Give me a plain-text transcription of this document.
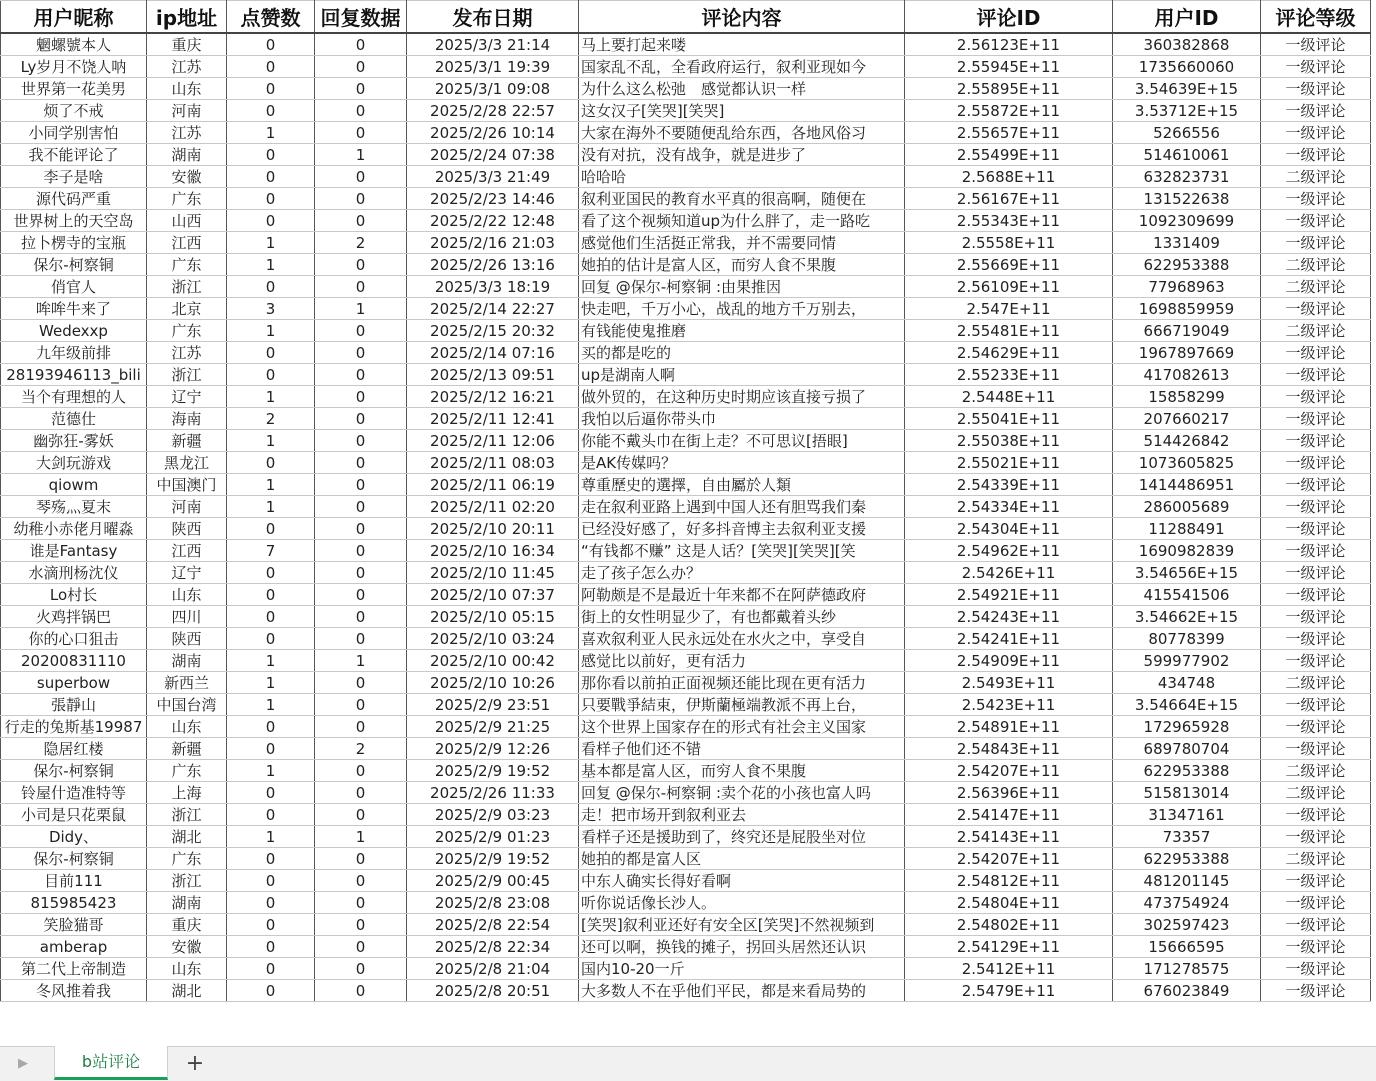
用户昵称	ip地址	点赞数	回复数据	发布日期	评论内容	评论ID	用户ID	评论等级
魍螺號本人	重庆	0	0	2025/3/3 21:14	马上要打起来喽	2.56123E+11	360382868	一级评论
Ly岁月不饶人呐	江苏	0	0	2025/3/1 19:39	国家乱不乱，全看政府运行，叙利亚现如今	2.55945E+11	1735660060	一级评论
世界第一花美男	山东	0	0	2025/3/1 09:08	为什么这么松弛　感觉都认识一样	2.55895E+11	3.54639E+15	一级评论
烦了不戒	河南	0	0	2025/2/28 22:57	这女汉子[笑哭][笑哭]	2.55872E+11	3.53712E+15	一级评论
小同学别害怕	江苏	1	0	2025/2/26 10:14	大家在海外不要随便乱给东西，各地风俗习	2.55657E+11	5266556	一级评论
我不能评论了	湖南	0	1	2025/2/24 07:38	没有对抗，没有战争，就是进步了	2.55499E+11	514610061	一级评论
李子是啥	安徽	0	0	2025/3/3 21:49	哈哈哈	2.5688E+11	632823731	二级评论
源代码严重	广东	0	0	2025/2/23 14:46	叙利亚国民的教育水平真的很高啊，随便在	2.56167E+11	131522638	一级评论
世界树上的天空岛	山西	0	0	2025/2/22 12:48	看了这个视频知道up为什么胖了，走一路吃	2.55343E+11	1092309699	一级评论
拉卜楞寺的宝瓶	江西	1	2	2025/2/16 21:03	感觉他们生活挺正常我，并不需要同情	2.5558E+11	1331409	一级评论
保尔-柯察铜	广东	1	0	2025/2/26 13:16	她拍的估计是富人区，而穷人食不果腹	2.55669E+11	622953388	二级评论
俏官人	浙江	0	0	2025/3/3 18:19	回复 @保尔-柯察铜 :由果推因	2.56109E+11	77968963	二级评论
哞哞牛来了	北京	3	1	2025/2/14 22:27	快走吧，千万小心，战乱的地方千万别去，	2.547E+11	1698859959	一级评论
Wedexxp	广东	1	0	2025/2/15 20:32	有钱能使鬼推磨	2.55481E+11	666719049	二级评论
九年级前排	江苏	0	0	2025/2/14 07:16	买的都是吃的	2.54629E+11	1967897669	一级评论
28193946113_bili	浙江	0	0	2025/2/13 09:51	up是湖南人啊	2.55233E+11	417082613	一级评论
当个有理想的人	辽宁	1	0	2025/2/12 16:21	做外贸的，在这种历史时期应该直接亏损了	2.5448E+11	15858299	一级评论
范德仕	海南	2	0	2025/2/11 12:41	我怕以后逼你带头巾	2.55041E+11	207660217	一级评论
幽弥狂-雾妖	新疆	1	0	2025/2/11 12:06	你能不戴头巾在街上走？不可思议[捂眼]	2.55038E+11	514426842	一级评论
大剑玩游戏	黑龙江	0	0	2025/2/11 08:03	是AK传媒吗？	2.55021E+11	1073605825	一级评论
qiowm	中国澳门	1	0	2025/2/11 06:19	尊重歷史的選擇，自由屬於人類	2.54339E+11	1414486951	一级评论
琴殇灬夏末	河南	1	0	2025/2/11 02:20	走在叙利亚路上遇到中国人还有胆骂我们秦	2.54334E+11	286005689	一级评论
幼稚小赤佬月曜淼	陕西	0	0	2025/2/10 20:11	已经没好感了，好多抖音博主去叙利亚支援	2.54304E+11	11288491	一级评论
谁是Fantasy	江西	7	0	2025/2/10 16:34	“有钱都不赚” 这是人话？[笑哭][笑哭][笑	2.54962E+11	1690982839	一级评论
水滴刑杨沈仪	辽宁	0	0	2025/2/10 11:45	走了孩子怎么办？	2.5426E+11	3.54656E+15	一级评论
Lo村长	山东	0	0	2025/2/10 07:37	阿勒颇是不是最近十年来都不在阿萨德政府	2.54921E+11	415541506	一级评论
火鸡拌锅巴	四川	0	0	2025/2/10 05:15	街上的女性明显少了，有也都戴着头纱	2.54243E+11	3.54662E+15	一级评论
你的心口狙击	陕西	0	0	2025/2/10 03:24	喜欢叙利亚人民永远处在水火之中，享受自	2.54241E+11	80778399	一级评论
20200831110	湖南	1	1	2025/2/10 00:42	感觉比以前好，更有活力	2.54909E+11	599977902	一级评论
superbow	新西兰	1	0	2025/2/10 10:26	那你看以前拍正面视频还能比现在更有活力	2.5493E+11	434748	二级评论
張靜山	中国台湾	1	0	2025/2/9 23:51	只要戰爭結束，伊斯蘭極端教派不再上台，	2.5423E+11	3.54664E+15	一级评论
行走的兔斯基19987	山东	0	0	2025/2/9 21:25	这个世界上国家存在的形式有社会主义国家	2.54891E+11	172965928	一级评论
隐居红楼	新疆	0	2	2025/2/9 12:26	看样子他们还不错	2.54843E+11	689780704	一级评论
保尔-柯察铜	广东	1	0	2025/2/9 19:52	基本都是富人区，而穷人食不果腹	2.54207E+11	622953388	二级评论
铃屋什造准特等	上海	0	0	2025/2/26 11:33	回复 @保尔-柯察铜 :卖个花的小孩也富人吗	2.56396E+11	515813014	二级评论
小司是只花栗鼠	浙江	0	0	2025/2/9 03:23	走！把市场开到叙利亚去	2.54147E+11	31347161	一级评论
Didy、	湖北	1	1	2025/2/9 01:23	看样子还是援助到了，终究还是屁股坐对位	2.54143E+11	73357	一级评论
保尔-柯察铜	广东	0	0	2025/2/9 19:52	她拍的都是富人区	2.54207E+11	622953388	二级评论
目前111	浙江	0	0	2025/2/9 00:45	中东人确实长得好看啊	2.54812E+11	481201145	一级评论
815985423	湖南	0	0	2025/2/8 23:08	听你说话像长沙人。	2.54804E+11	473754924	一级评论
笑脸猫哥	重庆	0	0	2025/2/8 22:54	[笑哭]叙利亚还好有安全区[笑哭]不然视频到	2.54802E+11	302597423	一级评论
amberap	安徽	0	0	2025/2/8 22:34	还可以啊，换钱的摊子，拐回头居然还认识	2.54129E+11	15666595	一级评论
第二代上帝制造	山东	0	0	2025/2/8 21:04	国内10-20一斤	2.5412E+11	171278575	一级评论
冬风推着我	湖北	0	0	2025/2/8 20:51	大多数人不在乎他们平民，都是来看局势的	2.5479E+11	676023849	一级评论
▶	b站评论	+
